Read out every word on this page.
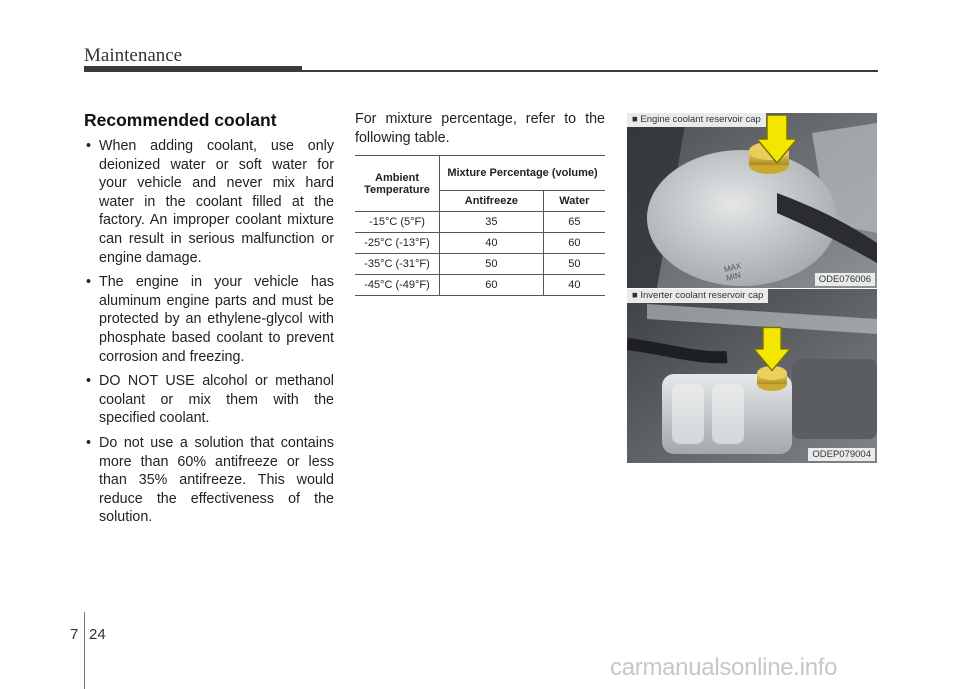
Maintenance
Recommended coolant
• When adding coolant, use only deionized water or soft water for your vehicle and never mix hard water in the coolant filled at the factory. An improper coolant mixture can result in serious malfunction or engine damage.
• The engine in your vehicle has aluminum engine parts and must be protected by an ethylene-glycol with phosphate based coolant to prevent corrosion and freezing.
• DO NOT USE alcohol or methanol coolant or mix them with the specified coolant.
• Do not use a solution that contains more than 60% antifreeze or less than 35% antifreeze. This would reduce the effectiveness of the solution.
For mixture percentage, refer to the following table.
Ambient Temperature	Mixture Percentage (volume)	
	Antifreeze	Water
-15°C (5°F)	35	65
-25°C (-13°F)	40	60
-35°C (-31°F)	50	50
-45°C (-49°F)	60	40
MAX
MIN
■ Engine coolant reservoir cap
ODE076006
■ Inverter coolant reservoir cap
ODEP079004
7 24
carmanualsonline.info
